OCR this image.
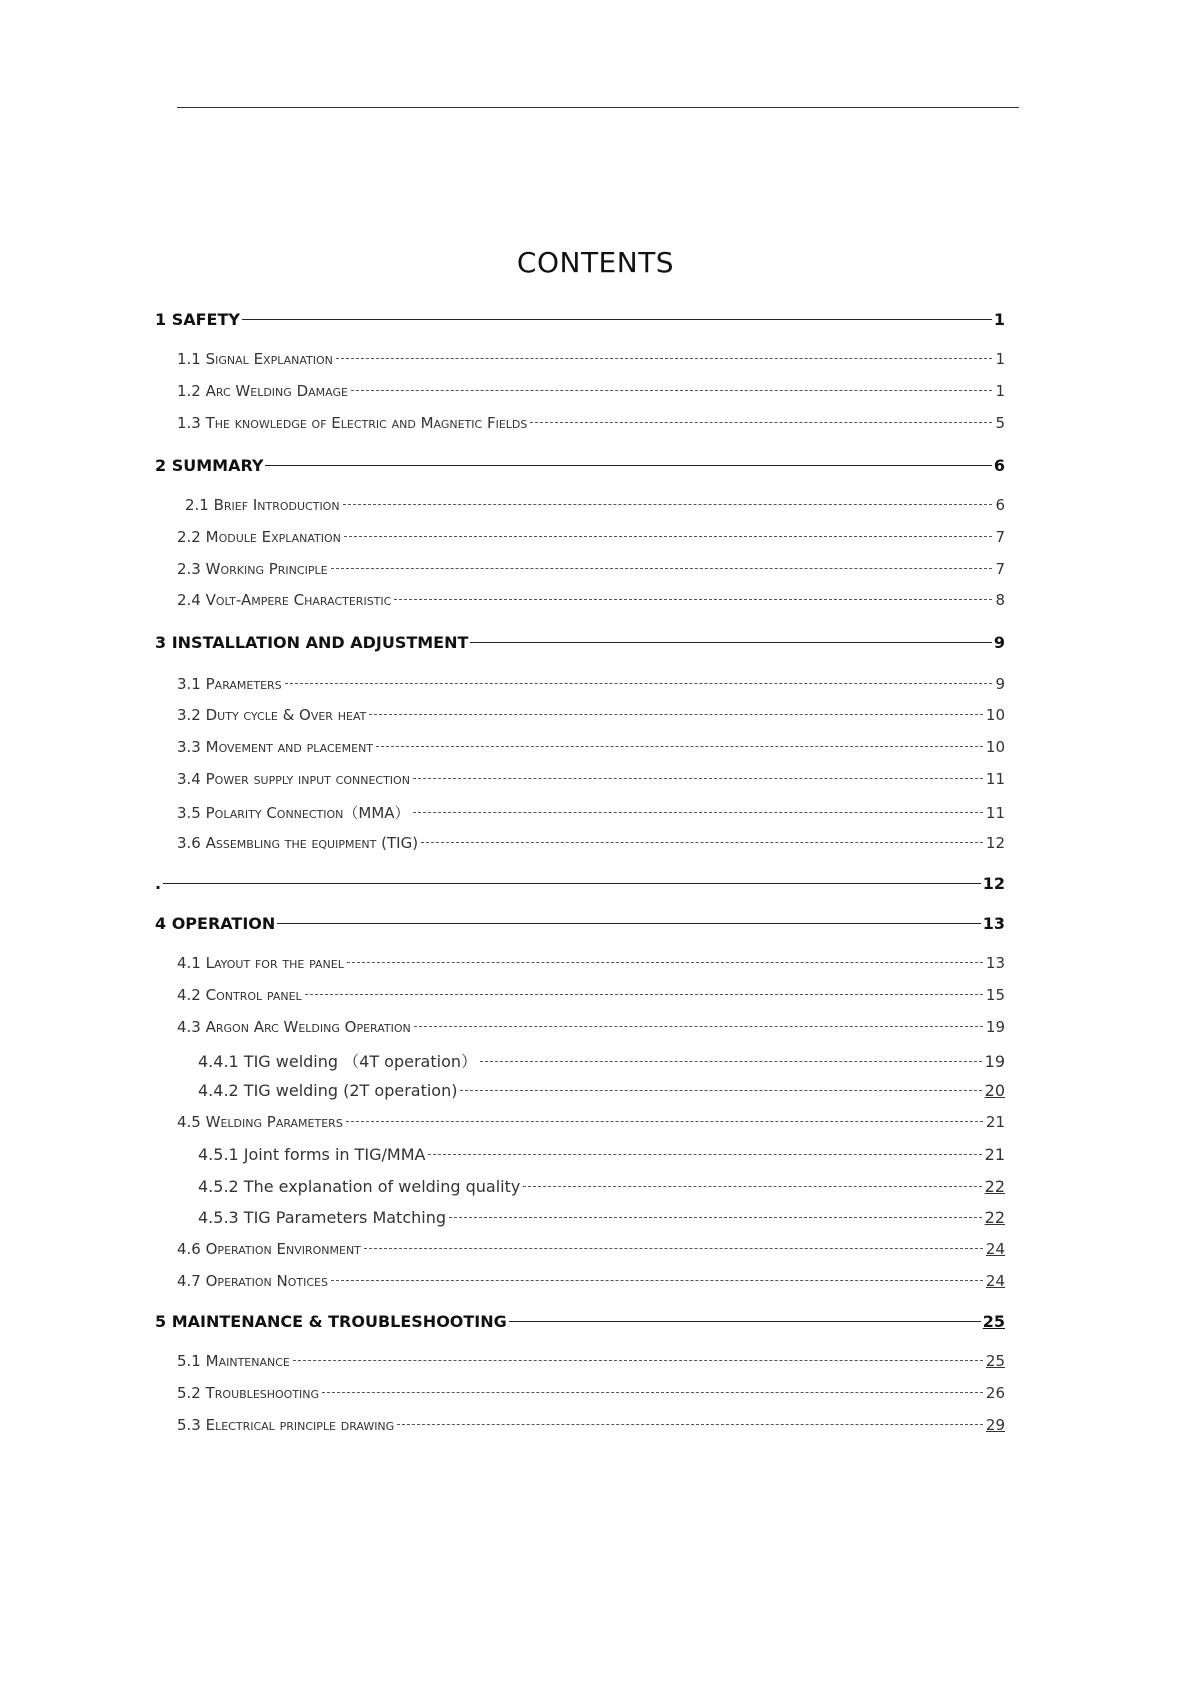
CONTENTS
1 SAFETY	1
1.1 Signal Explanation	1
1.2 Arc Welding Damage	1
1.3 The knowledge of Electric and Magnetic Fields	5
2 SUMMARY	6
2.1 Brief Introduction	6
2.2 Module Explanation	7
2.3 Working Principle	7
2.4 Volt-Ampere Characteristic	8
3 INSTALLATION AND ADJUSTMENT	9
3.1 Parameters	9
3.2 Duty cycle & Over heat	10
3.3 Movement and placement	10
3.4 Power supply input connection	11
3.5 Polarity Connection（MMA）	11
3.6 Assembling the equipment (TIG)	12
.	12
4 OPERATION	13
4.1 Layout for the panel	13
4.2 Control panel	15
4.3 Argon Arc Welding Operation	19
4.4.1 TIG welding （4T operation）	19
4.4.2 TIG welding (2T operation)	20
4.5 Welding Parameters	21
4.5.1 Joint forms in TIG/MMA	21
4.5.2 The explanation of welding quality	22
4.5.3 TIG Parameters Matching	22
4.6 Operation Environment	24
4.7 Operation Notices	24
5 MAINTENANCE & TROUBLESHOOTING	25
5.1 Maintenance	25
5.2 Troubleshooting	26
5.3 Electrical principle drawing	29
